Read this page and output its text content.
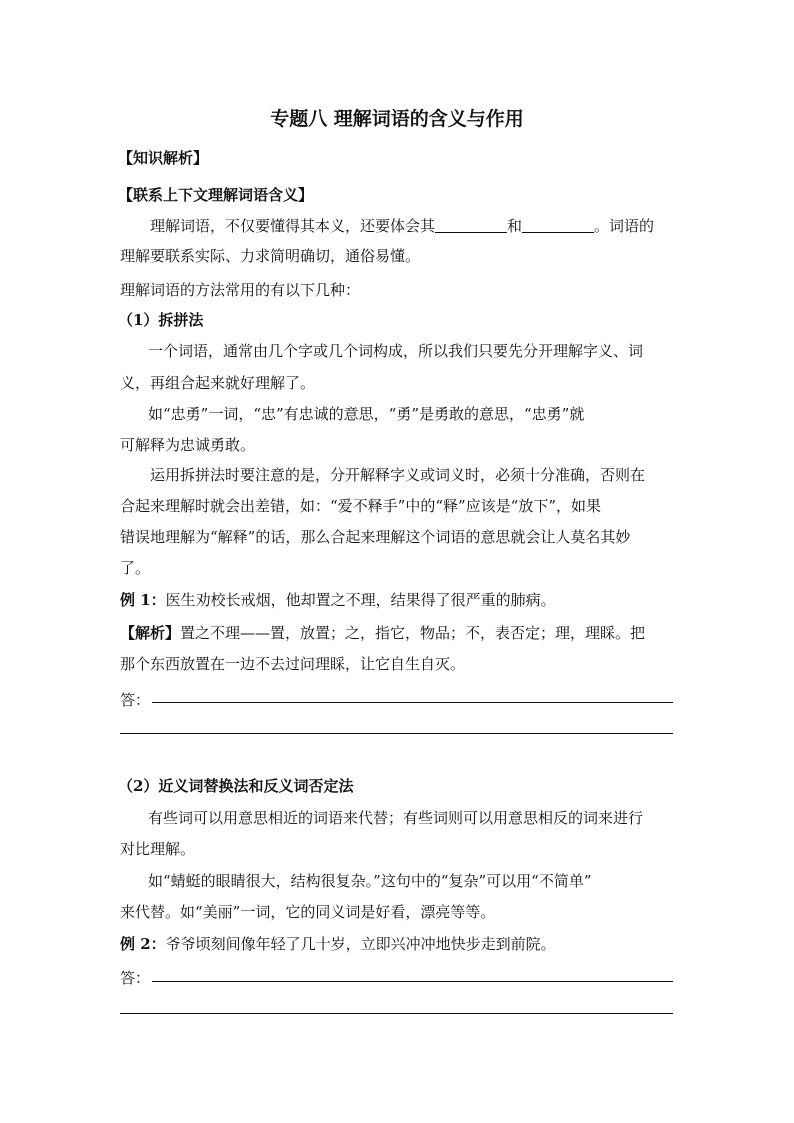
专题八 理解词语的含义与作用
【知识解析】
【联系上下文理解词语含义】
理解词语，不仅要懂得其本义，还要体会其	和	。词语的
理解要联系实际、力求简明确切，通俗易懂。
理解词语的方法常用的有以下几种：
（1）拆拼法
一个词语，通常由几个字或几个词构成，所以我们只要先分开理解字义、词
义，再组合起来就好理解了。
如“忠勇”一词，“忠”有忠诚的意思，“勇”是勇敢的意思，“忠勇”就
可解释为忠诚勇敢。
运用拆拼法时要注意的是，分开解释字义或词义时，必须十分准确，否则在
合起来理解时就会出差错，如：“爱不释手”中的“释”应该是“放下”，如果
错误地理解为“解释”的话，那么合起来理解这个词语的意思就会让人莫名其妙
了。
例 1：医生劝校长戒烟，他却置之不理，结果得了很严重的肺病。
【解析】置之不理——置，放置；之，指它，物品；不，表否定；理，理睬。把
那个东西放置在一边不去过问理睬，让它自生自灭。
答：
（2）近义词替换法和反义词否定法
有些词可以用意思相近的词语来代替；有些词则可以用意思相反的词来进行
对比理解。
如“蜻蜓的眼睛很大，结构很复杂。”这句中的“复杂”可以用“不简单”
来代替。如“美丽”一词，它的同义词是好看，漂亮等等。
例 2：爷爷顷刻间像年轻了几十岁，立即兴冲冲地快步走到前院。
答：
